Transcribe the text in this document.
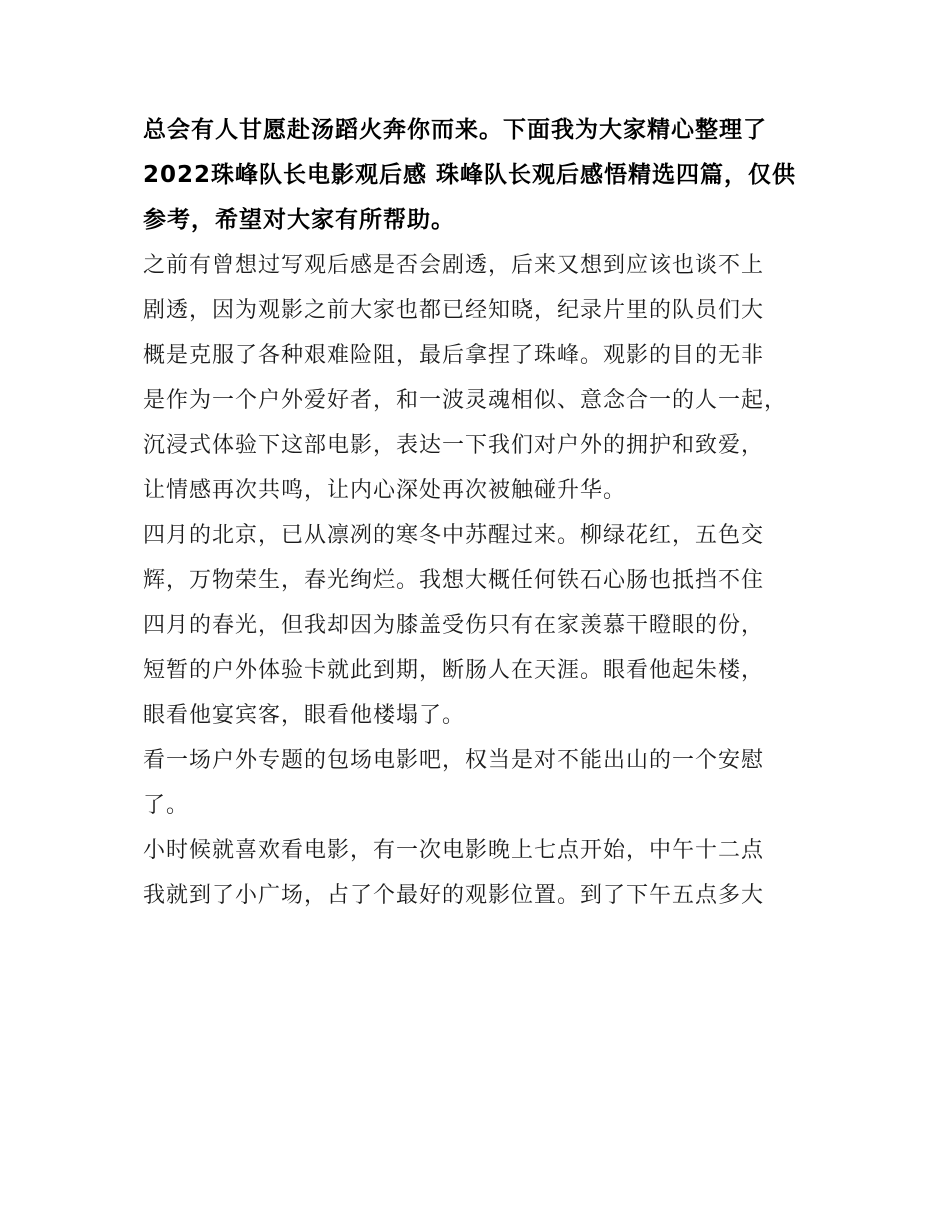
总会有人甘愿赴汤蹈火奔你而来。下面我为大家精心整理了
2022珠峰队长电影观后感 珠峰队长观后感悟精选四篇，仅供
参考，希望对大家有所帮助。

之前有曾想过写观后感是否会剧透，后来又想到应该也谈不上
剧透，因为观影之前大家也都已经知晓，纪录片里的队员们大
概是克服了各种艰难险阻，最后拿捏了珠峰。观影的目的无非
是作为一个户外爱好者，和一波灵魂相似、意念合一的人一起，
沉浸式体验下这部电影，表达一下我们对户外的拥护和致爱，
让情感再次共鸣，让内心深处再次被触碰升华。

四月的北京，已从凛冽的寒冬中苏醒过来。柳绿花红，五色交
辉，万物荣生，春光绚烂。我想大概任何铁石心肠也抵挡不住
四月的春光，但我却因为膝盖受伤只有在家羡慕干瞪眼的份，
短暂的户外体验卡就此到期，断肠人在天涯。眼看他起朱楼，
眼看他宴宾客，眼看他楼塌了。

看一场户外专题的包场电影吧，权当是对不能出山的一个安慰
了。

小时候就喜欢看电影，有一次电影晚上七点开始，中午十二点
我就到了小广场，占了个最好的观影位置。到了下午五点多大
